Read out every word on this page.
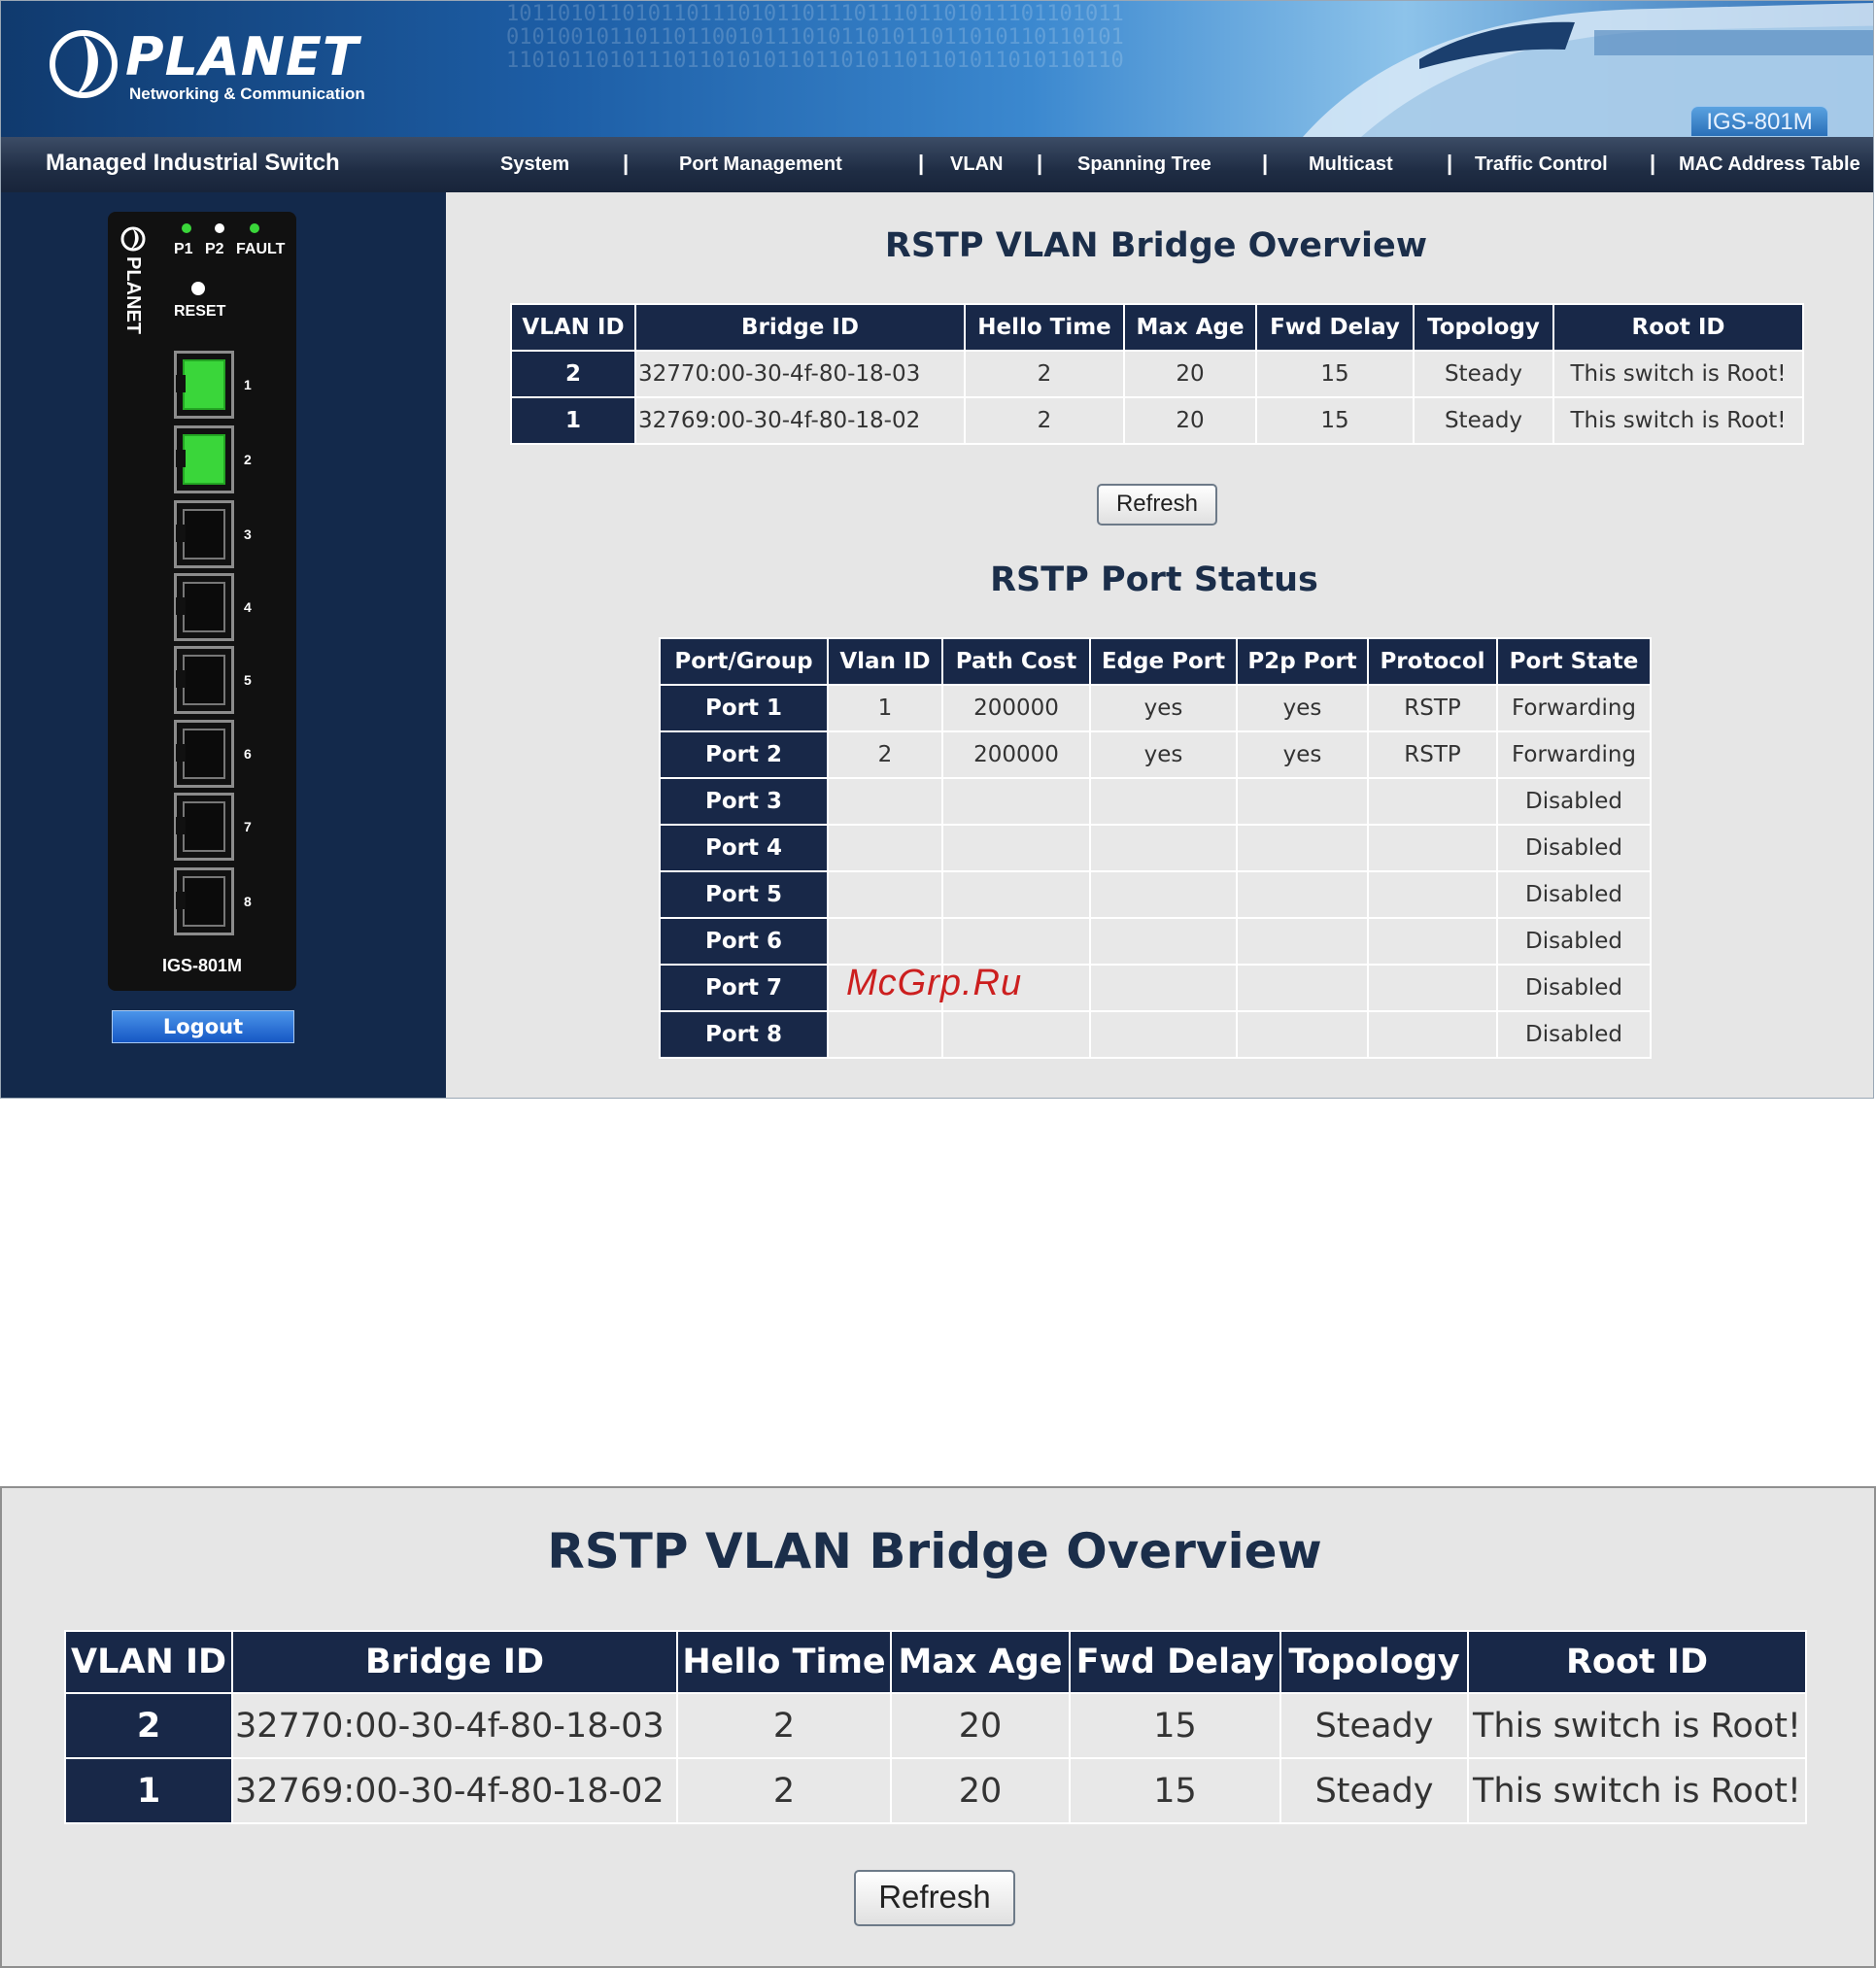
101101011010110111010110111011101101011101101011
010100101101101100101110101101011011010110110101
110101101011101101010110110101101101011010110110
PLANET
Networking & Communication
IGS-801M
Managed Industrial Switch	System |	Port Management	| VLAN | Spanning Tree | Multicast	| Traffic Control | MAC Address Table
PLANET
P1 P2 FAULT
RESET
1
2
3
4
5
6
7
8
IGS-801M
Logout
RSTP VLAN Bridge Overview
VLAN ID	Bridge ID	Hello Time	Max Age	Fwd Delay	Topology	Root ID
2	32770:00-30-4f-80-18-03	2	20	15	Steady	This switch is Root!
1	32769:00-30-4f-80-18-02	2	20	15	Steady	This switch is Root!
Refresh
RSTP Port Status
Port/Group	Vlan ID	Path Cost	Edge Port	P2p Port	Protocol	Port State
Port 1	1	200000	yes	yes	RSTP	Forwarding
Port 2	2	200000	yes	yes	RSTP	Forwarding
Port 3						Disabled
Port 4						Disabled
Port 5						Disabled
Port 6						Disabled
Port 7						Disabled
Port 8						Disabled
McGrp.Ru
RSTP VLAN Bridge Overview
VLAN ID	Bridge ID	Hello Time	Max Age	Fwd Delay	Topology	Root ID
2	32770:00-30-4f-80-18-03	2	20	15	Steady	This switch is Root!
1	32769:00-30-4f-80-18-02	2	20	15	Steady	This switch is Root!
Refresh
